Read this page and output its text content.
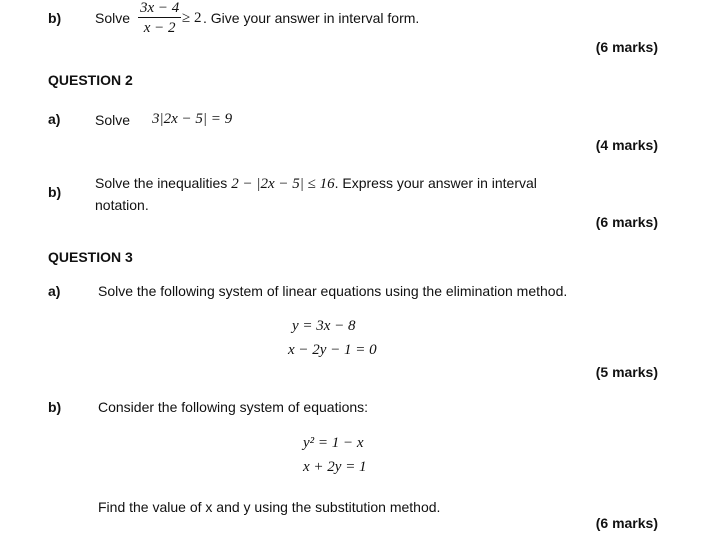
b) Solve $\frac{3x - 4}{x - 2} \ge 2$ . Give your answer in interval form.
(6 marks)
QUESTION 2
a) Solve 3|2x − 5| = 9
(4 marks)
Solve the inequalities 2 − |2x − 5| ≤ 16. Express your answer in interval
b)
notation.
(6 marks)
QUESTION 3
a)	Solve the following system of linear equations using the elimination method.
y = 3x − 8
x − 2y − 1 = 0
(5 marks)
b)	Consider the following system of equations:
y² = 1 − x
x + 2y = 1
Find the value of x and y using the substitution method.
(6 marks)
